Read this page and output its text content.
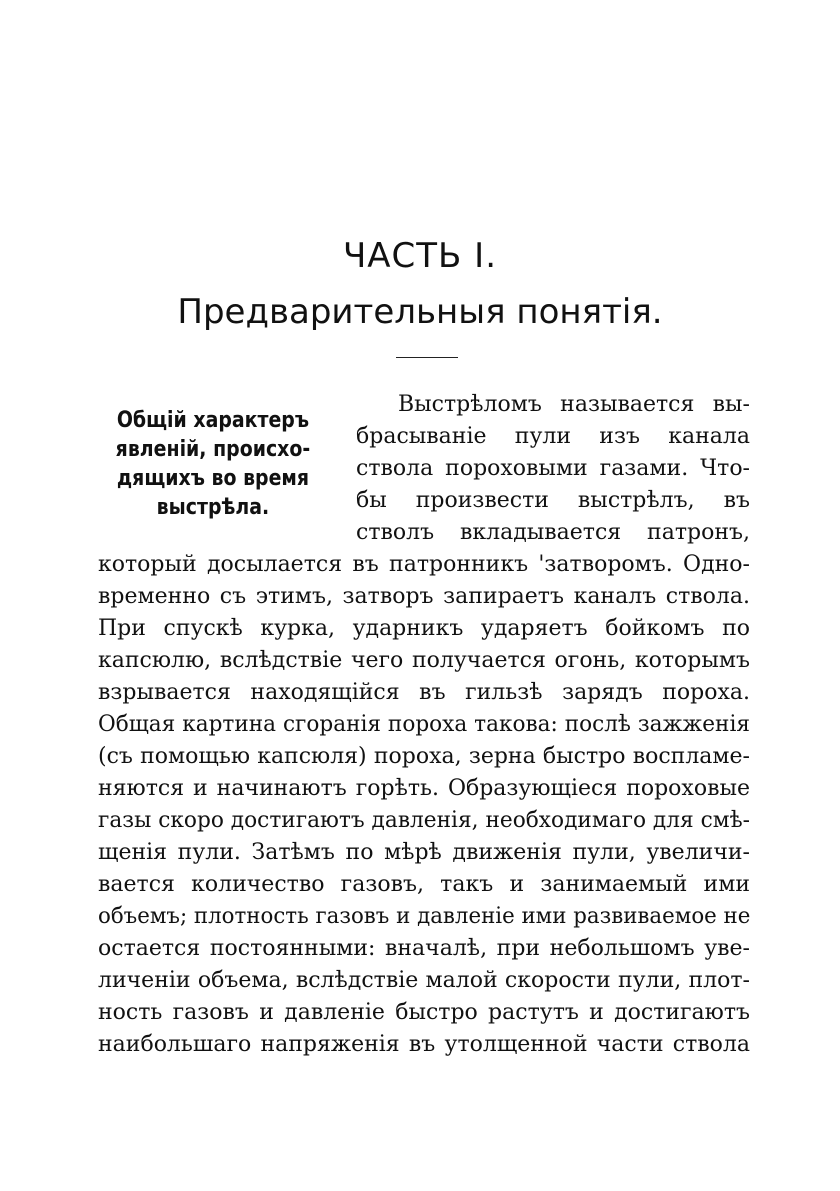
ЧАСТЬ I.
Предварительныя понятія.
Общій характеръ
явленій, происхо-
дящихъ во время
выстрѣла.
Выстрѣломъ называется вы-
брасываніе пули изъ канала
ствола пороховыми газами. Что-
бы произвести выстрѣлъ, въ
стволъ вкладывается патронъ,
который досылается въ патронникъ 'затворомъ. Одно-
временно съ этимъ, затворъ запираетъ каналъ ствола.
При спускѣ курка, ударникъ ударяетъ бойкомъ по
капсюлю, вслѣдствіе чего получается огонь, которымъ
взрывается находящійся въ гильзѣ зарядъ пороха.
Общая картина сгоранія пороха такова: послѣ зажженія
(съ помощью капсюля) пороха, зерна быстро воспламе-
няются и начинаютъ горѣть. Образующіеся пороховые
газы скоро достигаютъ давленія, необходимаго для смѣ-
щенія пули. Затѣмъ по мѣрѣ движенія пули, увеличи-
вается количество газовъ, такъ и занимаемый ими
объемъ; плотность газовъ и давленіе ими развиваемое не
остается постоянными: вначалѣ, при небольшомъ уве-
личеніи объема, вслѣдствіе малой скорости пули, плот-
ность газовъ и давленіе быстро растутъ и достигаютъ
наибольшаго напряженія въ утолщенной части ствола
